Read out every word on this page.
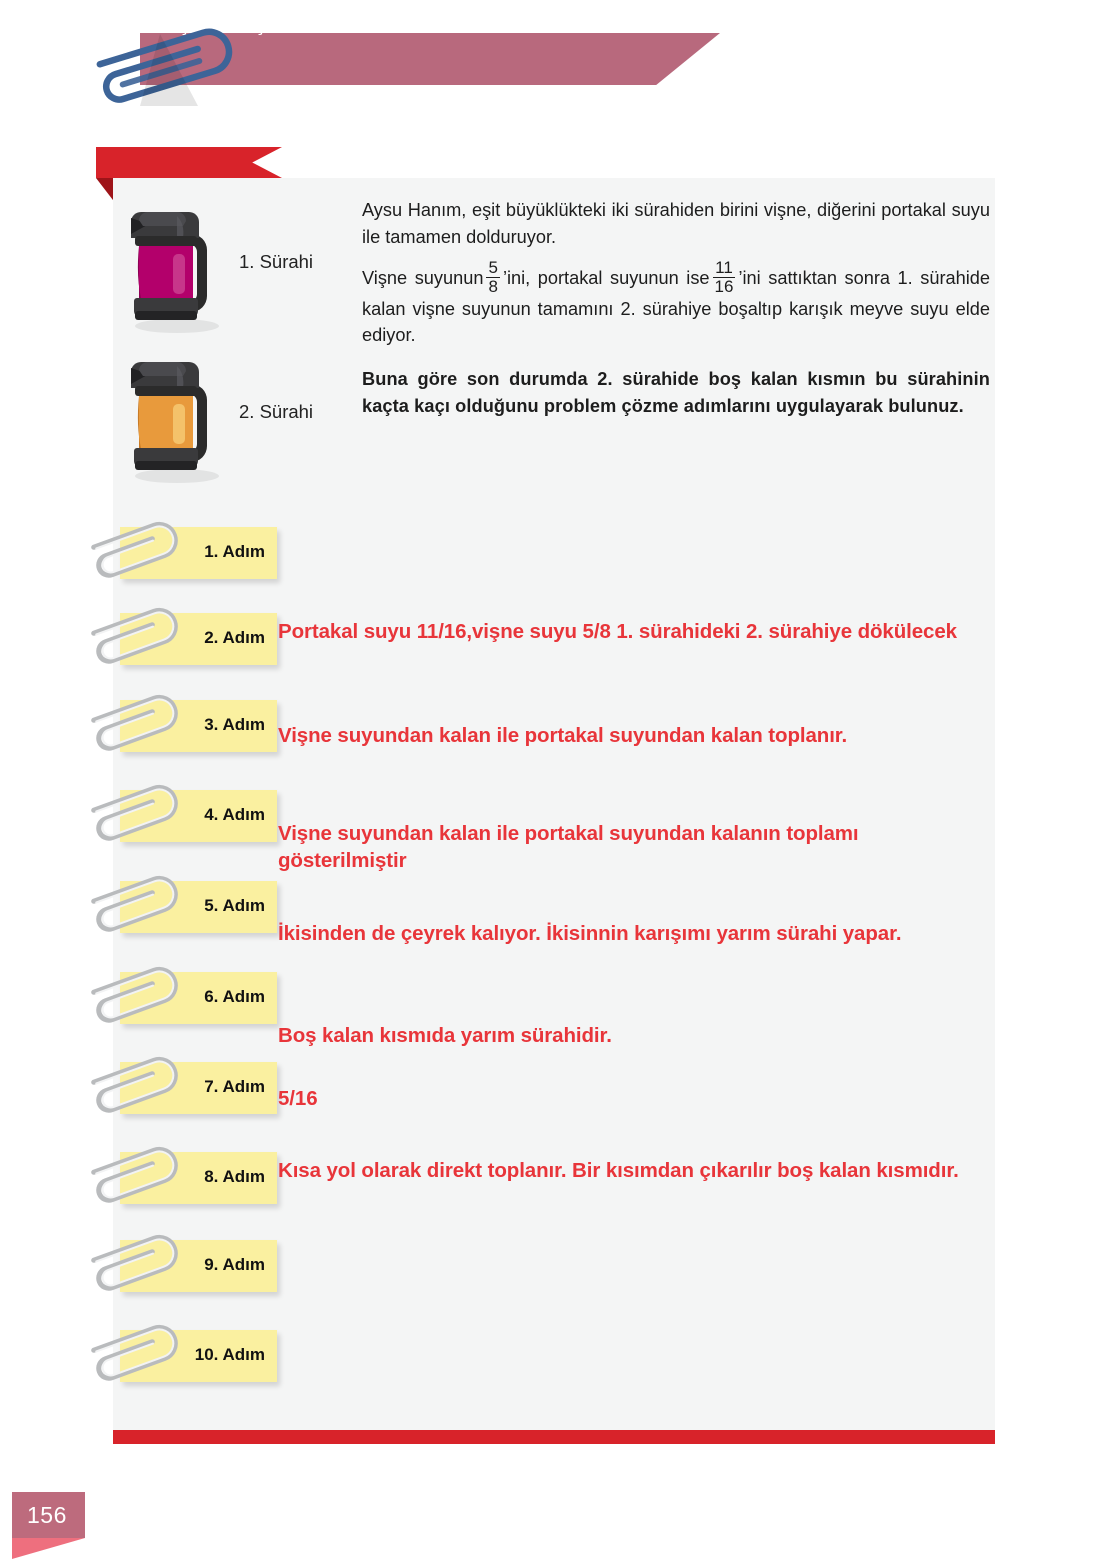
GERÇEK YAŞAM PROBLEMLERİ
Problem 2
1. Sürahi
2. Sürahi

Aysu Hanım, eşit büyüklükteki iki sürahiden birini vişne, diğerini portakal suyu ile tamamen dolduruyor.

Vişne suyunun $\frac{5}{8}$ ’ini, portakal suyunun ise $\frac{11}{16}$ ’ini sattıktan sonra 1. sürahide kalan vişne suyunun tamamını 2. sürahiye boşaltıp karışık meyve suyu elde ediyor.

Buna göre son durumda 2. sürahide boş kalan kısmın bu sürahinin kaçta kaçı olduğunu problem çözme adımlarını uygulayarak bulunuz.

1. Adım
2. Adım Portakal suyu 11/16,vişne suyu 5/8 1. sürahideki 2. sürahiye dökülecek
3. Adım Vişne suyundan kalan ile portakal suyundan kalan toplanır.
4. Adım
Vişne suyundan kalan ile portakal suyundan kalanın toplamı gösterilmiştir
5. Adım
İkisinden de çeyrek kalıyor. İkisinnin karışımı yarım sürahi yapar.
6. Adım
Boş kalan kısmıda yarım sürahidir.
7. Adım
5/16
8. Adım Kısa yol olarak direkt toplanır. Bir kısımdan çıkarılır boş kalan kısmıdır.
9. Adım
10. Adım
156
